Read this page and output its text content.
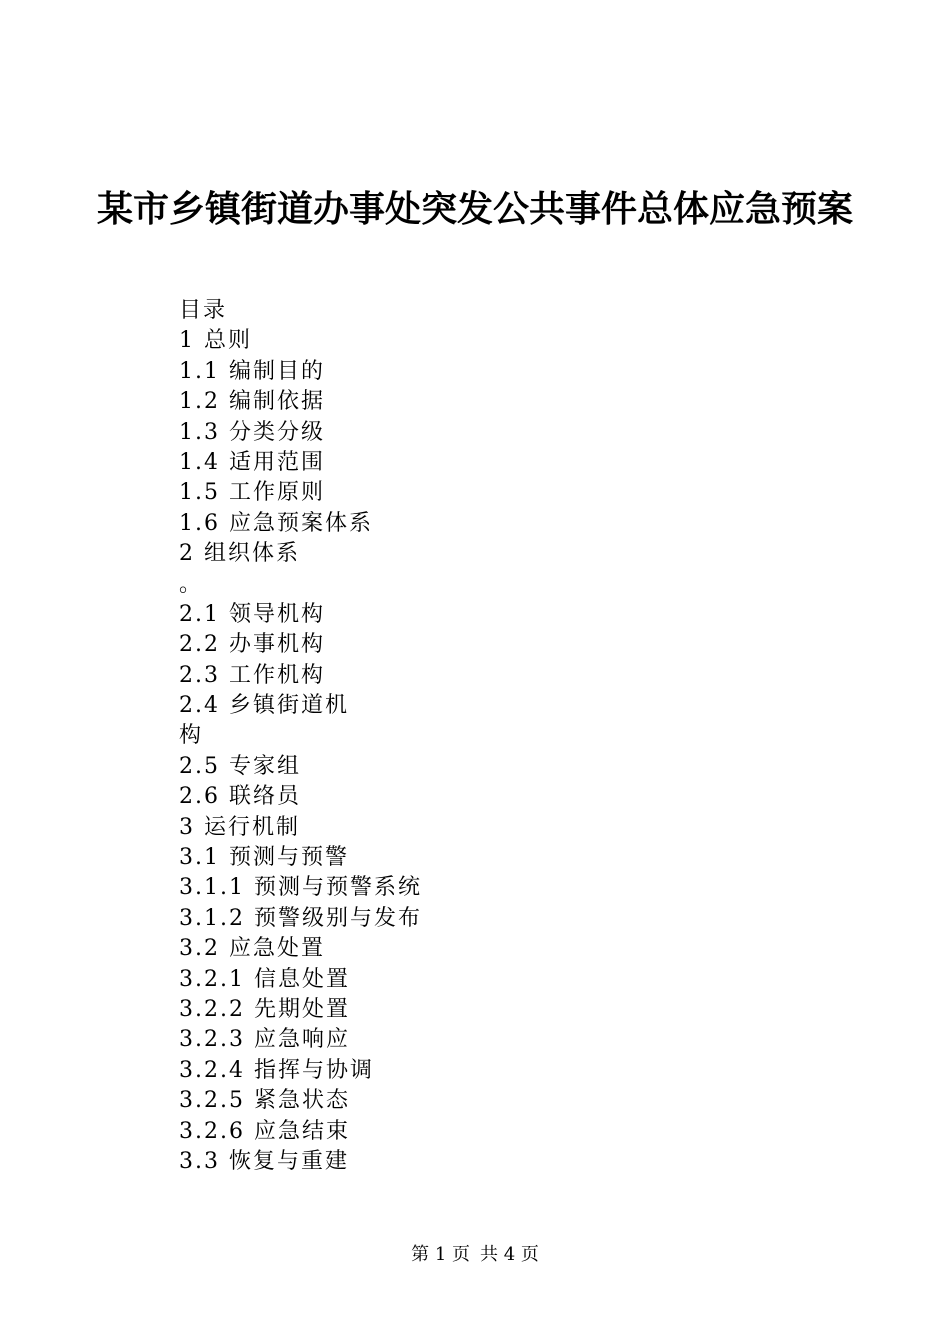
某市乡镇街道办事处突发公共事件总体应急预案
目录
1 总则
1.1 编制目的
1.2 编制依据
1.3 分类分级
1.4 适用范围
1.5 工作原则
1.6 应急预案体系
2 组织体系
。
2.1 领导机构
2.2 办事机构
2.3 工作机构
2.4 乡镇街道机
构
2.5 专家组
2.6 联络员
3 运行机制
3.1 预测与预警
3.1.1 预测与预警系统
3.1.2 预警级别与发布
3.2 应急处置
3.2.1 信息处置
3.2.2 先期处置
3.2.3 应急响应
3.2.4 指挥与协调
3.2.5 紧急状态
3.2.6 应急结束
3.3 恢复与重建
第 1 页 共 4 页
